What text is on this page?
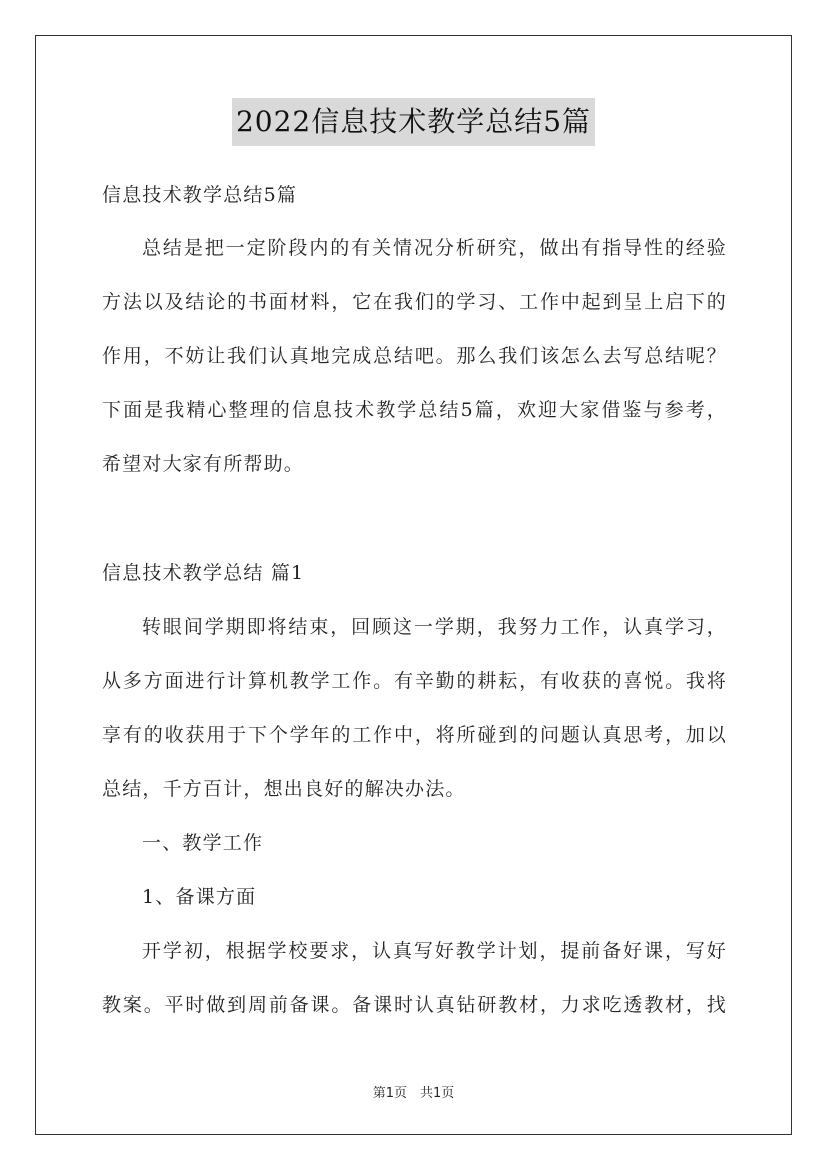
2022信息技术教学总结5篇
信息技术教学总结5篇
总结是把一定阶段内的有关情况分析研究，做出有指导性的经验
方法以及结论的书面材料，它在我们的学习、工作中起到呈上启下的
作用，不妨让我们认真地完成总结吧。那么我们该怎么去写总结呢？
下面是我精心整理的信息技术教学总结5篇，欢迎大家借鉴与参考，
希望对大家有所帮助。
信息技术教学总结 篇1
转眼间学期即将结束，回顾这一学期，我努力工作，认真学习，
从多方面进行计算机教学工作。有辛勤的耕耘，有收获的喜悦。我将
享有的收获用于下个学年的工作中，将所碰到的问题认真思考，加以
总结，千方百计，想出良好的解决办法。
一、教学工作
1、备课方面
开学初，根据学校要求，认真写好教学计划，提前备好课，写好
教案。平时做到周前备课。备课时认真钻研教材，力求吃透教材，找
第1页　共1页
